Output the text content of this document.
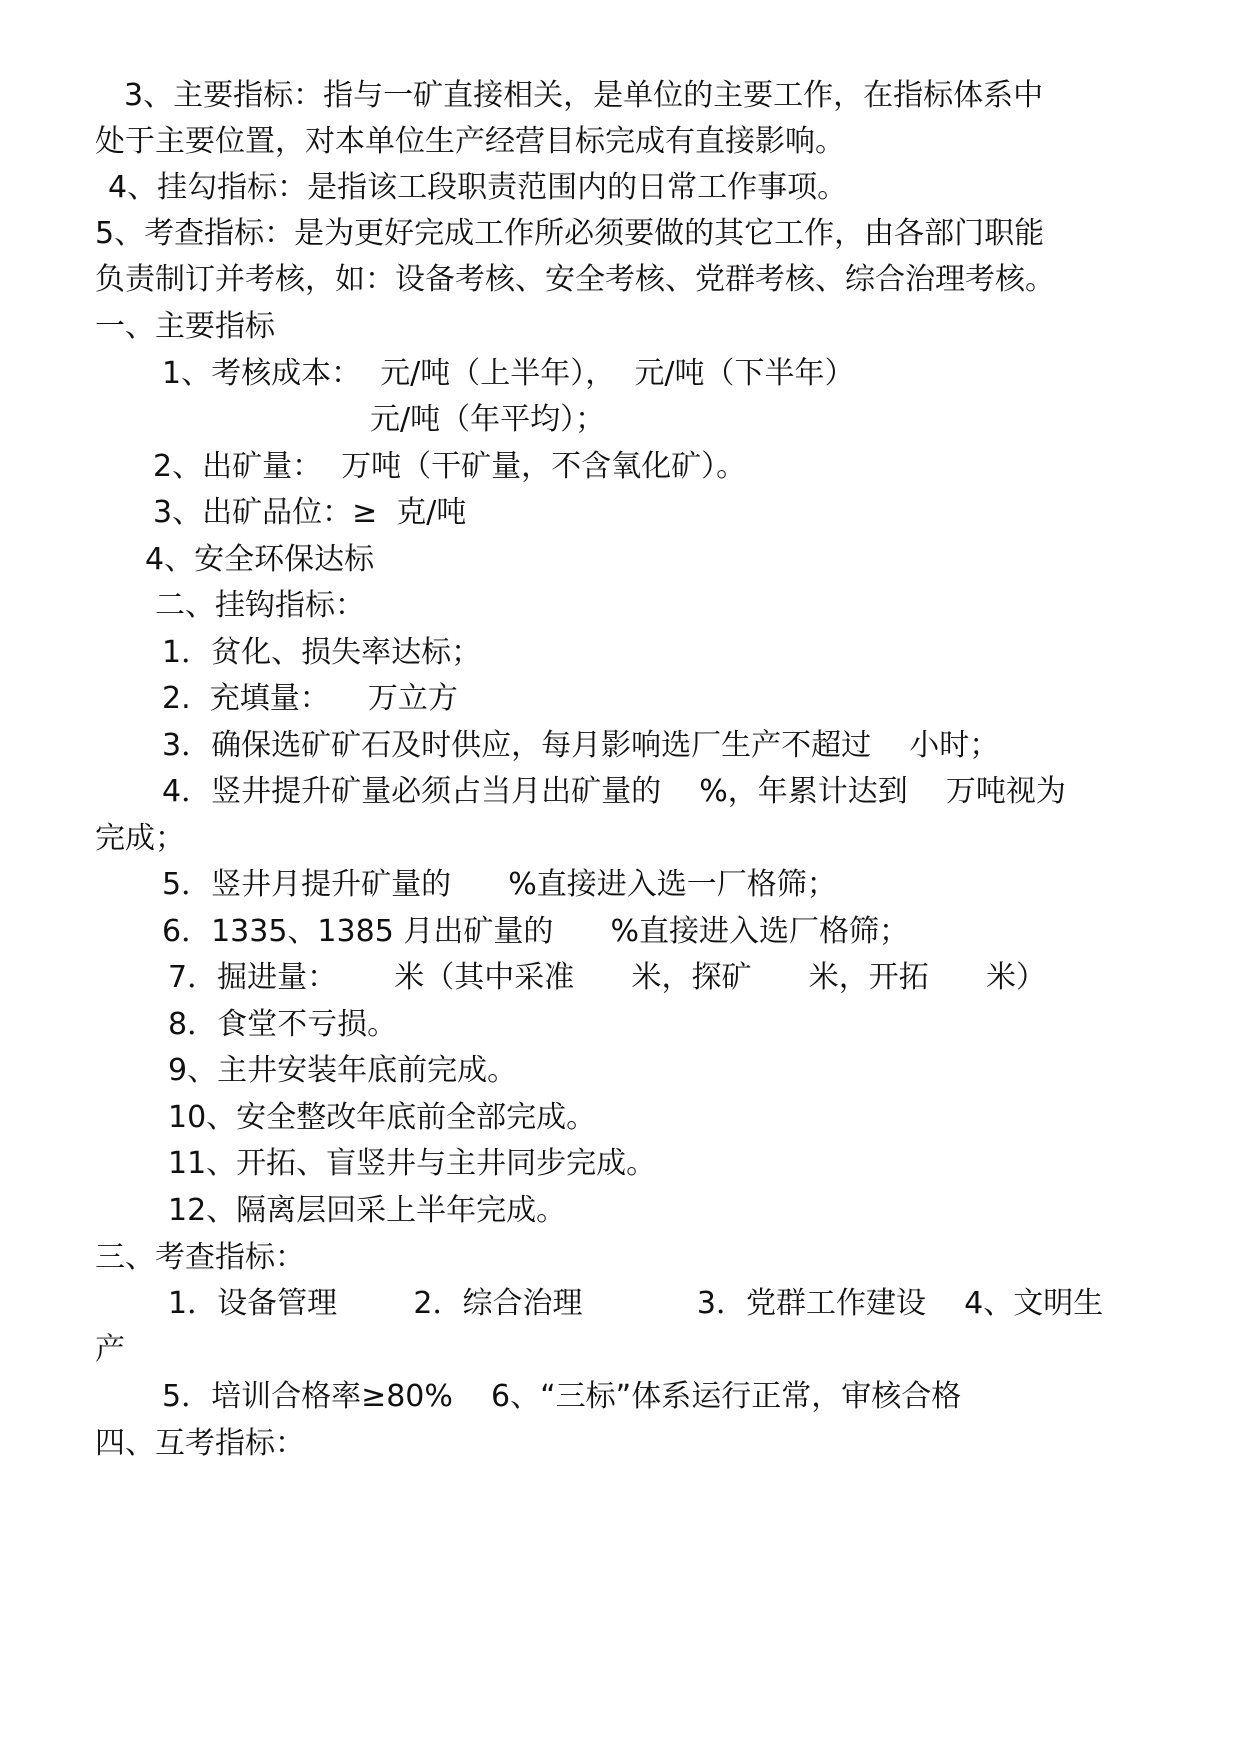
3、主要指标：指与一矿直接相关，是单位的主要工作，在指标体系中
处于主要位置，对本单位生产经营目标完成有直接影响。
4、挂勾指标：是指该工段职责范围内的日常工作事项。
5、考查指标：是为更好完成工作所必须要做的其它工作，由各部门职能
负责制订并考核，如：设备考核、安全考核、党群考核、综合治理考核。
一、主要指标
1、考核成本：  元/吨（上半年），  元/吨（下半年）
元/吨（年平均）；
2、出矿量：  万吨（干矿量，不含氧化矿）。
3、出矿品位：≥  克/吨
4、安全环保达标
二、挂钩指标：
1．贫化、损失率达标；
2.  充填量：    万立方
3．确保选矿矿石及时供应，每月影响选厂生产不超过    小时；
4．竖井提升矿量必须占当月出矿量的    %，年累计达到    万吨视为
完成；
5．竖井月提升矿量的      %直接进入选一厂格筛；
6．1335、1385 月出矿量的      %直接进入选厂格筛；
7．掘进量：      米（其中采准      米，探矿      米，开拓      米）
8．食堂不亏损。
9、主井安装年底前完成。
10、安全整改年底前全部完成。
11、开拓、盲竖井与主井同步完成。
12、隔离层回采上半年完成。
三、考查指标：
1．设备管理        2．综合治理            3．党群工作建设    4、文明生
产
5．培训合格率≥80%    6、“三标”体系运行正常，审核合格
四、互考指标：
